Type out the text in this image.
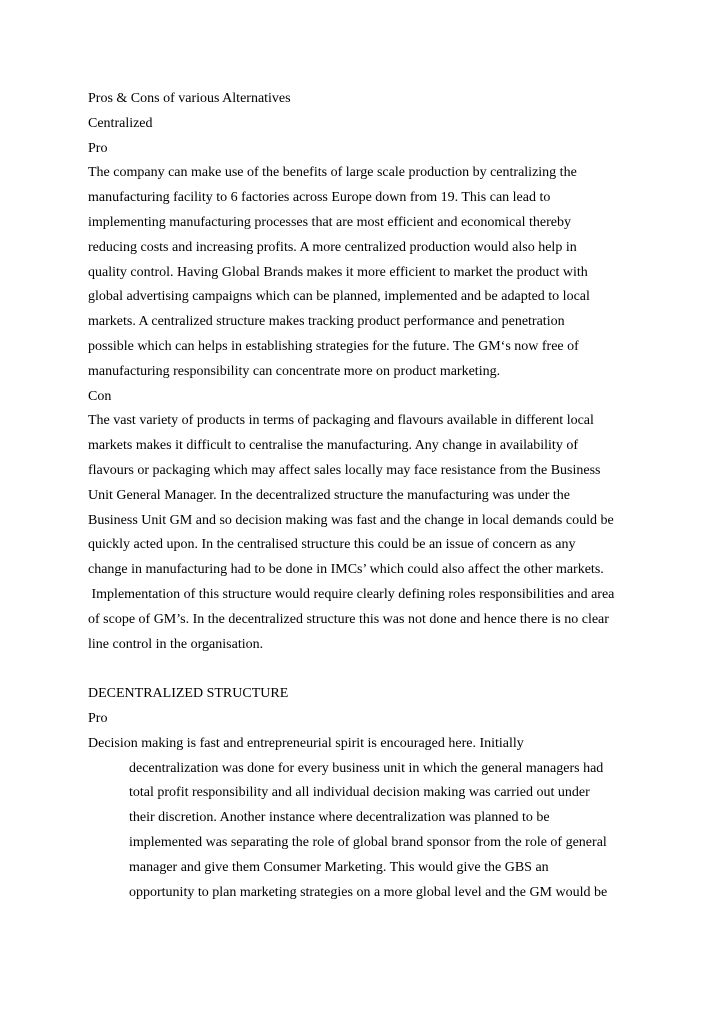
Pros & Cons of various Alternatives
Centralized
Pro
The company can make use of the benefits of large scale production by centralizing the
manufacturing facility to 6 factories across Europe down from 19. This can lead to
implementing manufacturing processes that are most efficient and economical thereby
reducing costs and increasing profits. A more centralized production would also help in
quality control. Having Global Brands makes it more efficient to market the product with
global advertising campaigns which can be planned, implemented and be adapted to local
markets. A centralized structure makes tracking product performance and penetration
possible which can helps in establishing strategies for the future. The GM‘s now free of
manufacturing responsibility can concentrate more on product marketing.
Con
The vast variety of products in terms of packaging and flavours available in different local
markets makes it difficult to centralise the manufacturing. Any change in availability of
flavours or packaging which may affect sales locally may face resistance from the Business
Unit General Manager. In the decentralized structure the manufacturing was under the
Business Unit GM and so decision making was fast and the change in local demands could be
quickly acted upon. In the centralised structure this could be an issue of concern as any
change in manufacturing had to be done in IMCs’ which could also affect the other markets.
Implementation of this structure would require clearly defining roles responsibilities and area
of scope of GM’s. In the decentralized structure this was not done and hence there is no clear
line control in the organisation.
DECENTRALIZED STRUCTURE
Pro
Decision making is fast and entrepreneurial spirit is encouraged here. Initially
decentralization was done for every business unit in which the general managers had
total profit responsibility and all individual decision making was carried out under
their discretion. Another instance where decentralization was planned to be
implemented was separating the role of global brand sponsor from the role of general
manager and give them Consumer Marketing. This would give the GBS an
opportunity to plan marketing strategies on a more global level and the GM would be
